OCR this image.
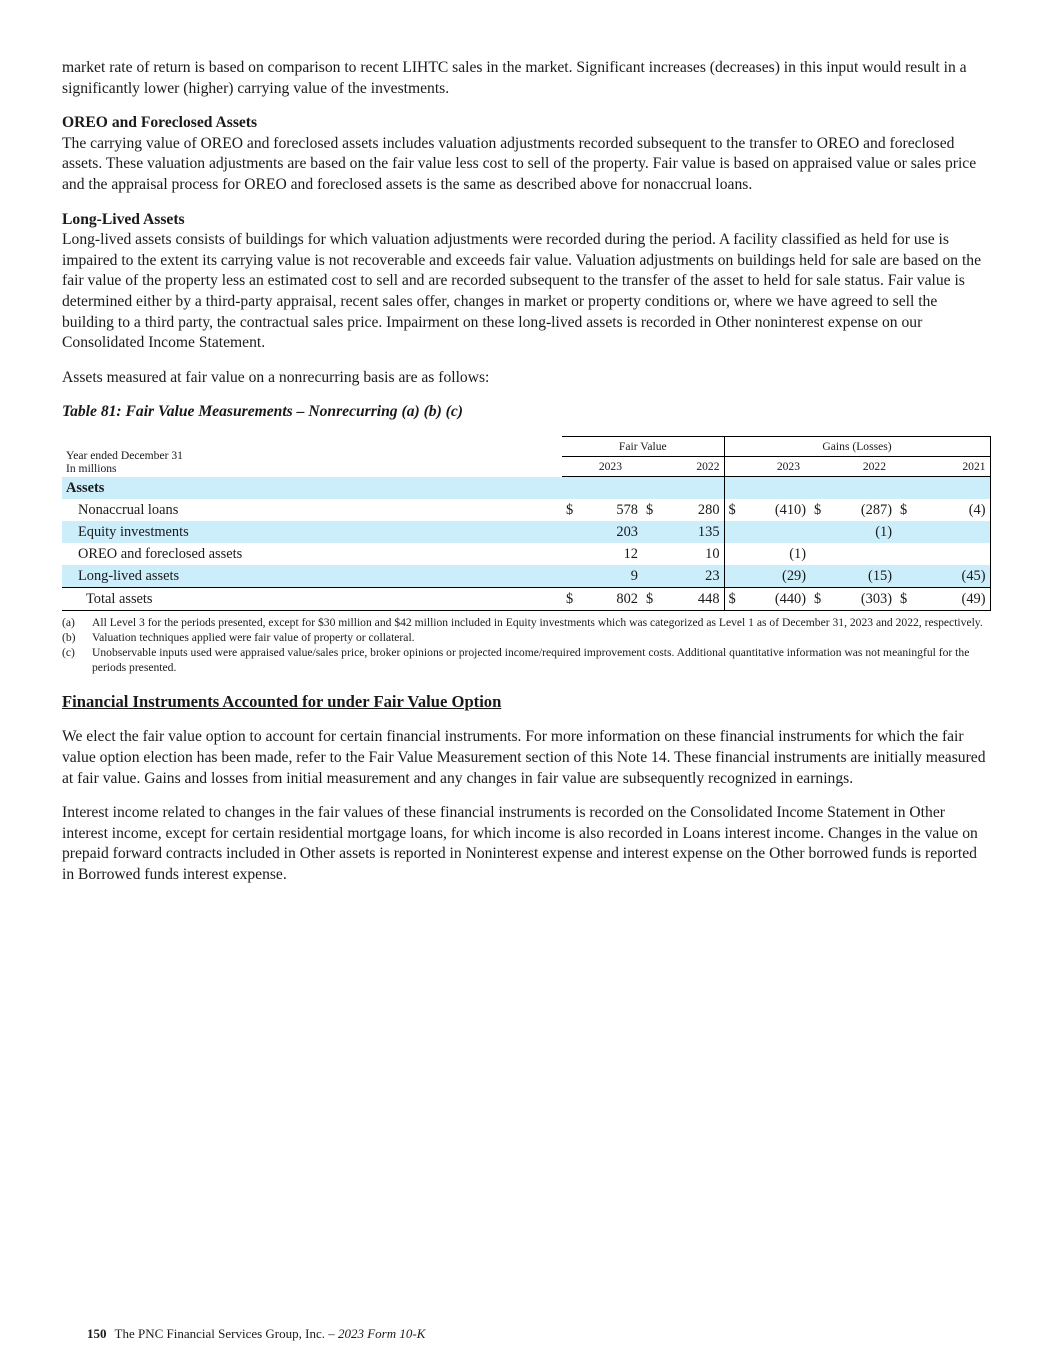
market rate of return is based on comparison to recent LIHTC sales in the market. Significant increases (decreases) in this input would result in a significantly lower (higher) carrying value of the investments.

OREO and Foreclosed Assets

The carrying value of OREO and foreclosed assets includes valuation adjustments recorded subsequent to the transfer to OREO and foreclosed assets. These valuation adjustments are based on the fair value less cost to sell of the property. Fair value is based on appraised value or sales price and the appraisal process for OREO and foreclosed assets is the same as described above for nonaccrual loans.

Long-Lived Assets

Long-lived assets consists of buildings for which valuation adjustments were recorded during the period. A facility classified as held for use is impaired to the extent its carrying value is not recoverable and exceeds fair value. Valuation adjustments on buildings held for sale are based on the fair value of the property less an estimated cost to sell and are recorded subsequent to the transfer of the asset to held for sale status. Fair value is determined either by a third-party appraisal, recent sales offer, changes in market or property conditions or, where we have agreed to sell the building to a third party, the contractual sales price. Impairment on these long-lived assets is recorded in Other noninterest expense on our Consolidated Income Statement.

Assets measured at fair value on a nonrecurring basis are as follows:

Table 81: Fair Value Measurements – Nonrecurring (a) (b) (c)
Year ended December 31
In millions	Fair Value				Gains (Losses)					
	2023		2022		2023		2022		2021	
Assets										
Nonaccrual loans	$	578	$	280	$	(410)	$	(287)	$	(4)
Equity investments		203		135				(1)		
OREO and foreclosed assets		12		10		(1)				
Long-lived assets		9		23		(29)		(15)		(45)
Total assets	$	802	$	448	$	(440)	$	(303)	$	(49)
(a)	All Level 3 for the periods presented, except for $30 million and $42 million included in Equity investments which was categorized as Level 1 as of December 31, 2023 and 2022, respectively.
(b)	Valuation techniques applied were fair value of property or collateral.
(c)	Unobservable inputs used were appraised value/sales price, broker opinions or projected income/required improvement costs. Additional quantitative information was not meaningful for the periods presented.
Financial Instruments Accounted for under Fair Value Option

We elect the fair value option to account for certain financial instruments. For more information on these financial instruments for which the fair value option election has been made, refer to the Fair Value Measurement section of this Note 14. These financial instruments are initially measured at fair value. Gains and losses from initial measurement and any changes in fair value are subsequently recognized in earnings.

Interest income related to changes in the fair values of these financial instruments is recorded on the Consolidated Income Statement in Other interest income, except for certain residential mortgage loans, for which income is also recorded in Loans interest income. Changes in the value on prepaid forward contracts included in Other assets is reported in Noninterest expense and interest expense on the Other borrowed funds is reported in Borrowed funds interest expense.

150 The PNC Financial Services Group, Inc. – 2023 Form 10-K
